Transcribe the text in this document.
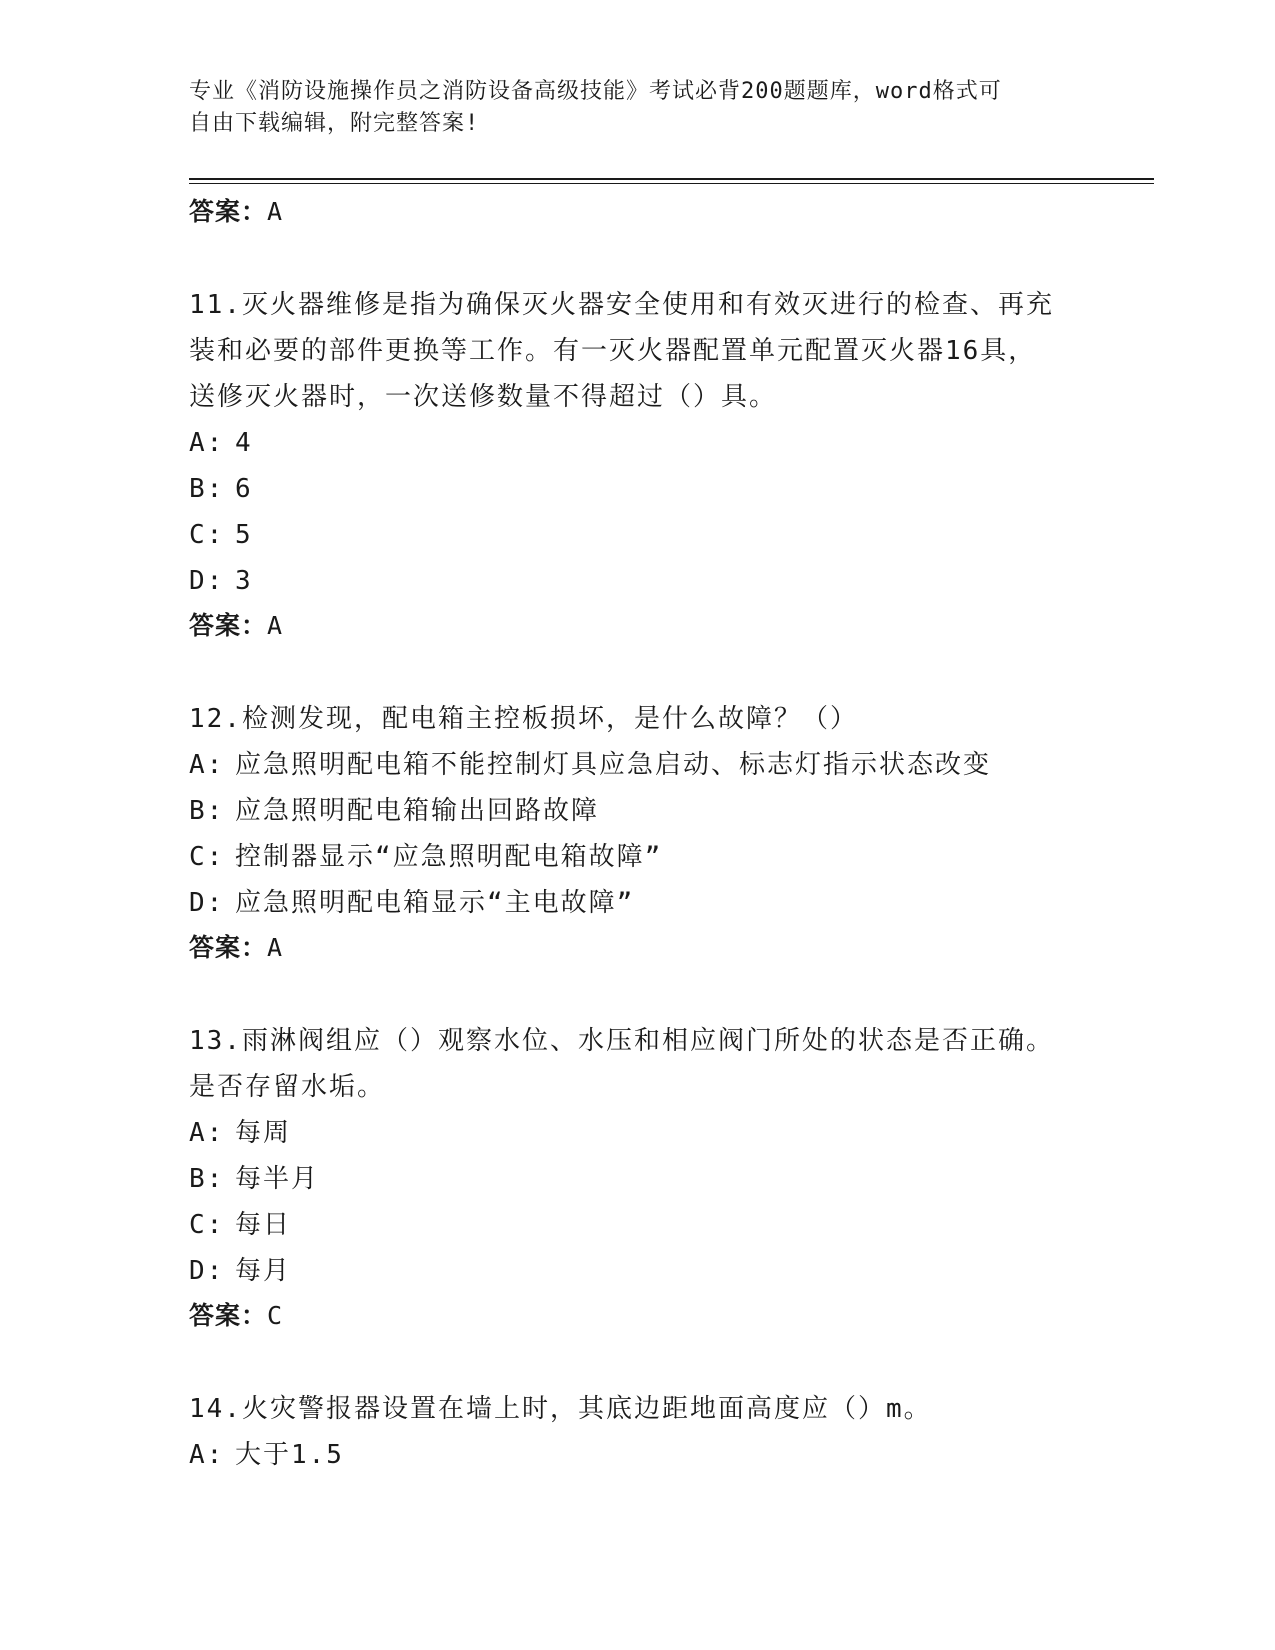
专业《消防设施操作员之消防设备高级技能》考试必背200题题库，word格式可
自由下载编辑，附完整答案!
答案：A
11.灭火器维修是指为确保灭火器安全使用和有效灭进行的检查、再充
装和必要的部件更换等工作。有一灭火器配置单元配置灭火器16具，
送修灭火器时，一次送修数量不得超过（）具。
A: 4
B: 6
C: 5
D: 3
答案：A
12.检测发现，配电箱主控板损坏，是什么故障？（）
A: 应急照明配电箱不能控制灯具应急启动、标志灯指示状态改变
B: 应急照明配电箱输出回路故障
C: 控制器显示“应急照明配电箱故障”
D: 应急照明配电箱显示“主电故障”
答案：A
13.雨淋阀组应（）观察水位、水压和相应阀门所处的状态是否正确。
是否存留水垢。
A: 每周
B: 每半月
C: 每日
D: 每月
答案：C
14.火灾警报器设置在墙上时，其底边距地面高度应（）m。
A: 大于1.5
